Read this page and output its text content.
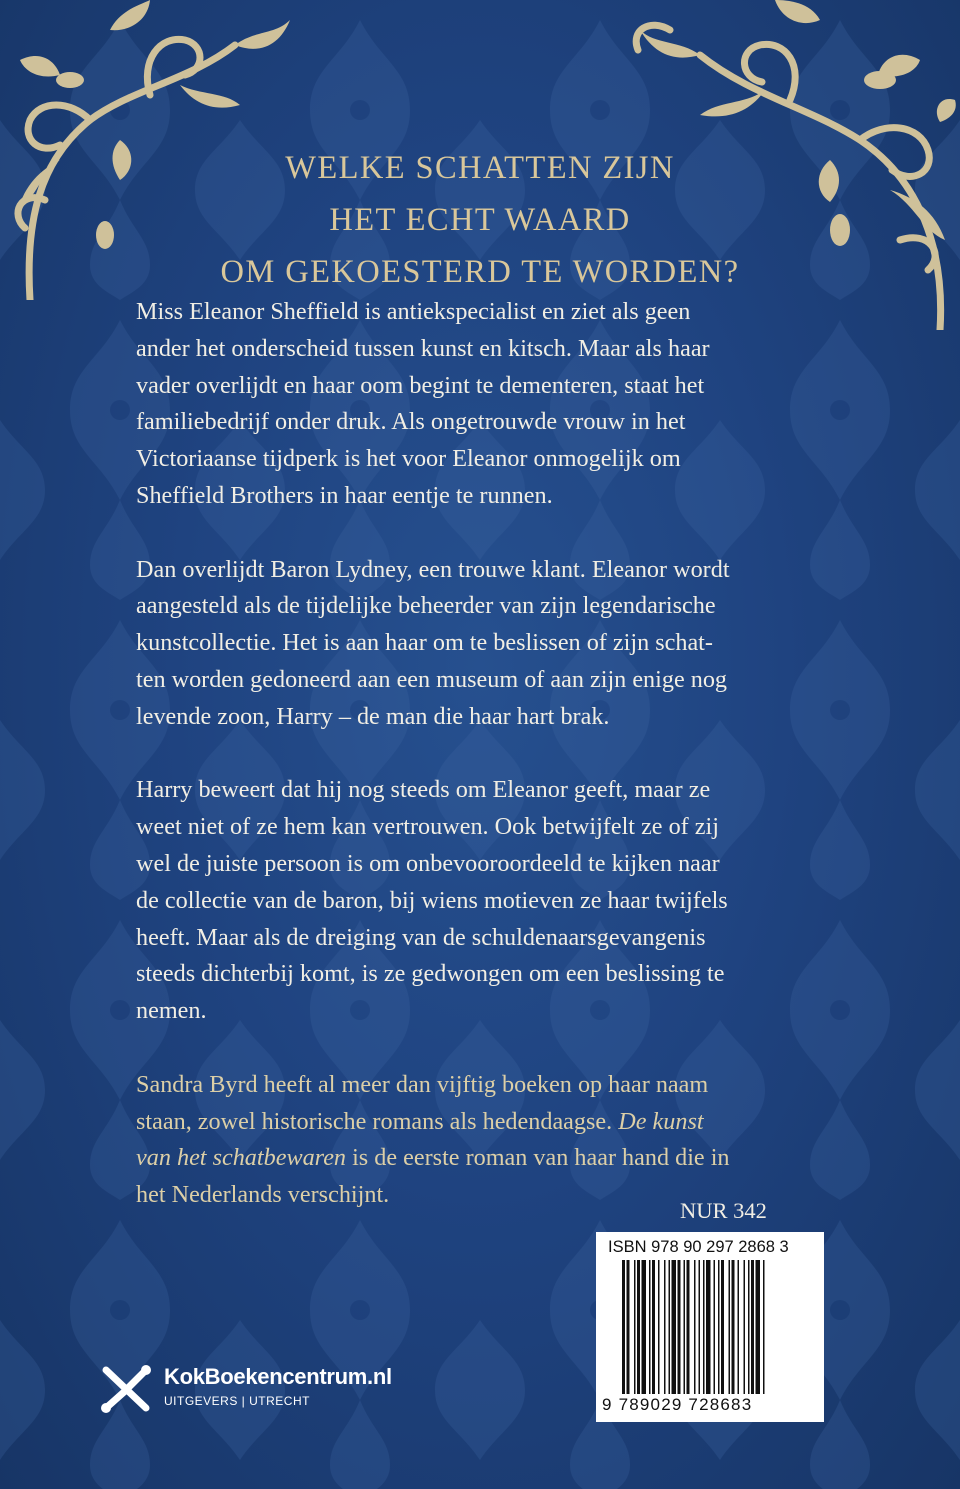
WELKE SCHATTEN ZIJN
HET ECHT WAARD
OM GEKOESTERD TE WORDEN?

Miss Eleanor Sheffield is antiekspecialist en ziet als geen
ander het onderscheid tussen kunst en kitsch. Maar als haar
vader overlijdt en haar oom begint te dementeren, staat het
familiebedrijf onder druk. Als ongetrouwde vrouw in het
Victoriaanse tijdperk is het voor Eleanor onmogelijk om
Sheffield Brothers in haar eentje te runnen.

Dan overlijdt Baron Lydney, een trouwe klant. Eleanor wordt
aangesteld als de tijdelijke beheerder van zijn legendarische
kunstcollectie. Het is aan haar om te beslissen of zijn schat-
ten worden gedoneerd aan een museum of aan zijn enige nog
levende zoon, Harry – de man die haar hart brak.

Harry beweert dat hij nog steeds om Eleanor geeft, maar ze
weet niet of ze hem kan vertrouwen. Ook betwijfelt ze of zij
wel de juiste persoon is om onbevooroordeeld te kijken naar
de collectie van de baron, bij wiens motieven ze haar twijfels
heeft. Maar als de dreiging van de schuldenaarsgevangenis
steeds dichterbij komt, is ze gedwongen om een beslissing te
nemen.

Sandra Byrd heeft al meer dan vijftig boeken op haar naam
staan, zowel historische romans als hedendaagse. De kunst
van het schatbewaren is de eerste roman van haar hand die in
het Nederlands verschijnt.

NUR 342
ISBN 978 90 297 2868 3
9 789029 728683
KokBoekencentrum.nl
UITGEVERS | UTRECHT
